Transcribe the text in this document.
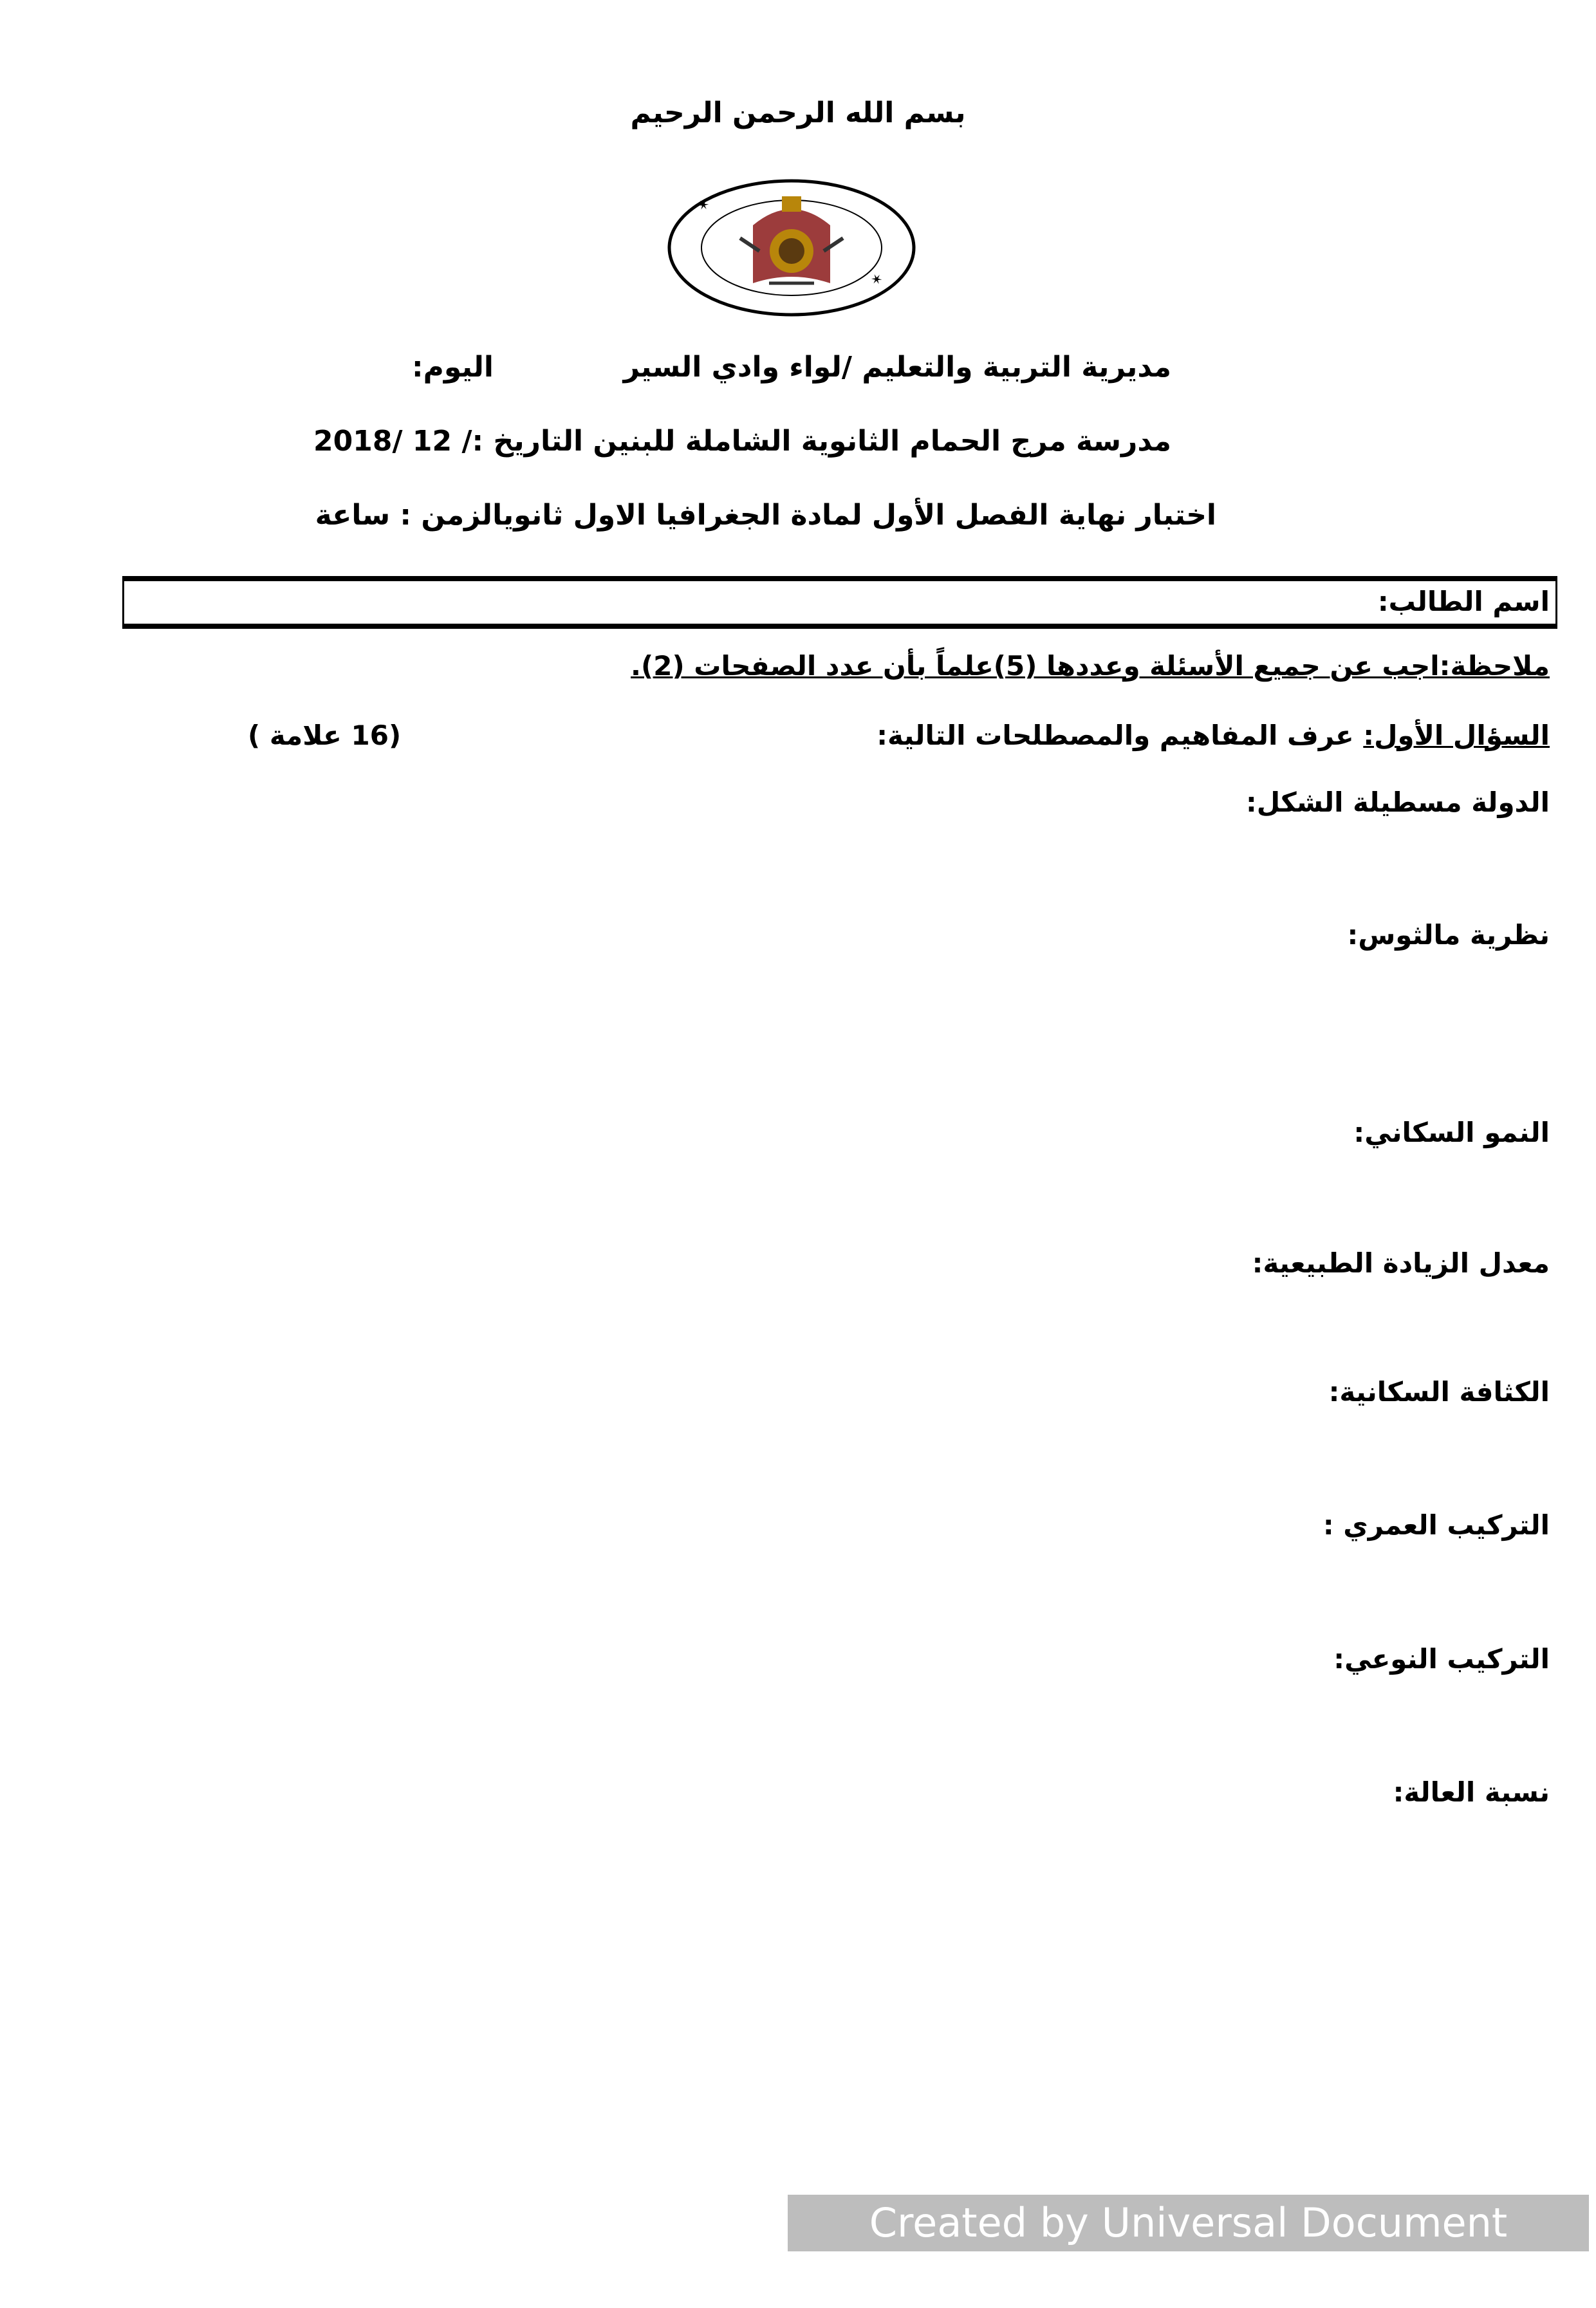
بسم الله الرحمن الرحيم
✶
✶
مديرية التربية والتعليم /لواء وادي السير
اليوم:
مدرسة مرج الحمام الثانوية الشاملة للبنين التاريخ :/ 12 /2018
اختبار نهاية الفصل الأول لمادة الجغرافيا الاول ثانويالزمن : ساعة
اسم الطالب:
ملاحظة:اجب عن جميع الأسئلة وعددها (5)علماً بأن عدد الصفحات (2).
السؤال الأول: عرف المفاهيم والمصطلحات التالية:
(16 علامة )
الدولة مسطيلة الشكل:
نظرية مالثوس:
النمو السكاني:
معدل الزيادة الطبيعية:
الكثافة السكانية:
التركيب العمري :
التركيب النوعي:
نسبة العالة:
Created by Universal Document Converter
